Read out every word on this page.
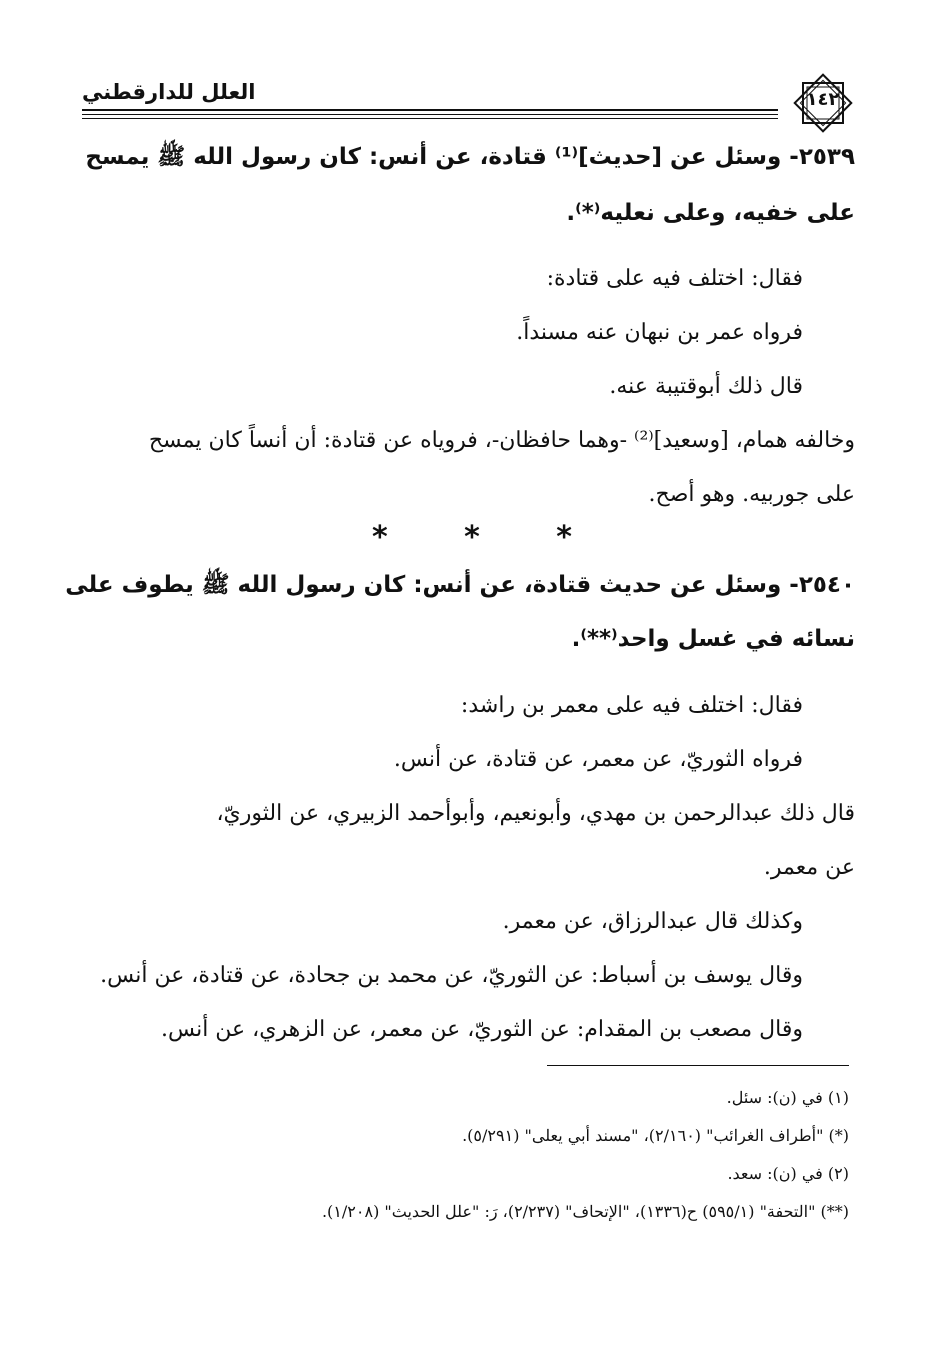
العلل للدارقطني	١٤٢
٢٥٣٩- وسئل عن [حديث]⁽¹⁾ قتادة، عن أنس: كان رسول الله ﷺ يمسح
على خفيه، وعلى نعليه⁽*⁾.
فقال: اختلف فيه على قتادة:
فرواه عمر بن نبهان عنه مسنداً.
قال ذلك أبوقتيبة عنه.
وخالفه همام، [وسعيد]⁽²⁾ -وهما حافظان-، فروياه عن قتادة: أن أنساً كان يمسح
على جوربيه. وهو أصح.
*	*	*
٢٥٤٠- وسئل عن حديث قتادة، عن أنس: كان رسول الله ﷺ يطوف على
نسائه في غسل واحد⁽**⁾.
فقال: اختلف فيه على معمر بن راشد:
فرواه الثوريّ، عن معمر، عن قتادة، عن أنس.
قال ذلك عبدالرحمن بن مهدي، وأبونعيم، وأبوأحمد الزبيري، عن الثوريّ،
عن معمر.
وكذلك قال عبدالرزاق، عن معمر.
وقال يوسف بن أسباط: عن الثوريّ، عن محمد بن جحادة، عن قتادة، عن أنس.
وقال مصعب بن المقدام: عن الثوريّ، عن معمر، عن الزهري، عن أنس.
(١) في (ن): سئل.
(*) "أطراف الغرائب" (٢/١٦٠)، "مسند أبي يعلى" (٥/٢٩١).
(٢) في (ن): سعد.
(**) "التحفة" (٥٩٥/١) ح(١٣٣٦)، "الإتحاف" (٢/٢٣٧)، رَ: "علل الحديث" (١/٢٠٨).
